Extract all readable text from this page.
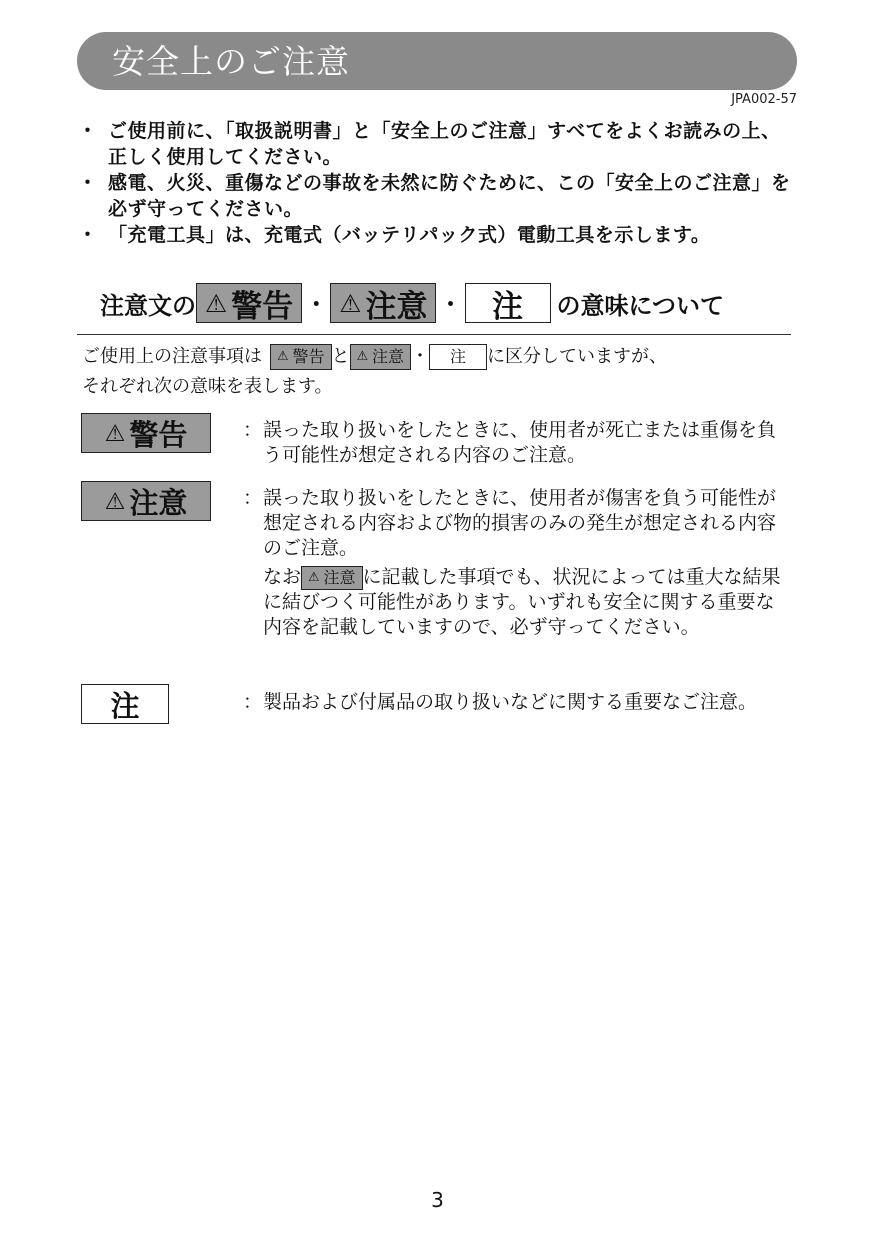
安全上のご注意
JPA002-57
・ ご使用前に、「取扱説明書」と「安全上のご注意」すべてをよくお読みの上、正しく使用してください。
・ 感電、火災、重傷などの事故を未然に防ぐために、この「安全上のご注意」を必ず守ってください。
・ 「充電工具」は、充電式（バッテリパック式）電動工具を示します。
注意文の ⚠ 警告 ・ ⚠ 注意 ・ 注 の意味について
ご使用上の注意事項は ⚠ 警告 と ⚠ 注意 ・ 注 に区分していますが、
それぞれ次の意味を表します。
⚠ 警告	： 誤った取り扱いをしたときに、使用者が死亡または重傷を負う可能性が想定される内容のご注意。
⚠ 注意	： 誤った取り扱いをしたときに、使用者が傷害を負う可能性が想定される内容および物的損害のみの発生が想定される内容のご注意。
なお ⚠ 注意 に記載した事項でも、状況によっては重大な結果に結びつく可能性があります。いずれも安全に関する重要な内容を記載していますので、必ず守ってください。
注	： 製品および付属品の取り扱いなどに関する重要なご注意。
3
